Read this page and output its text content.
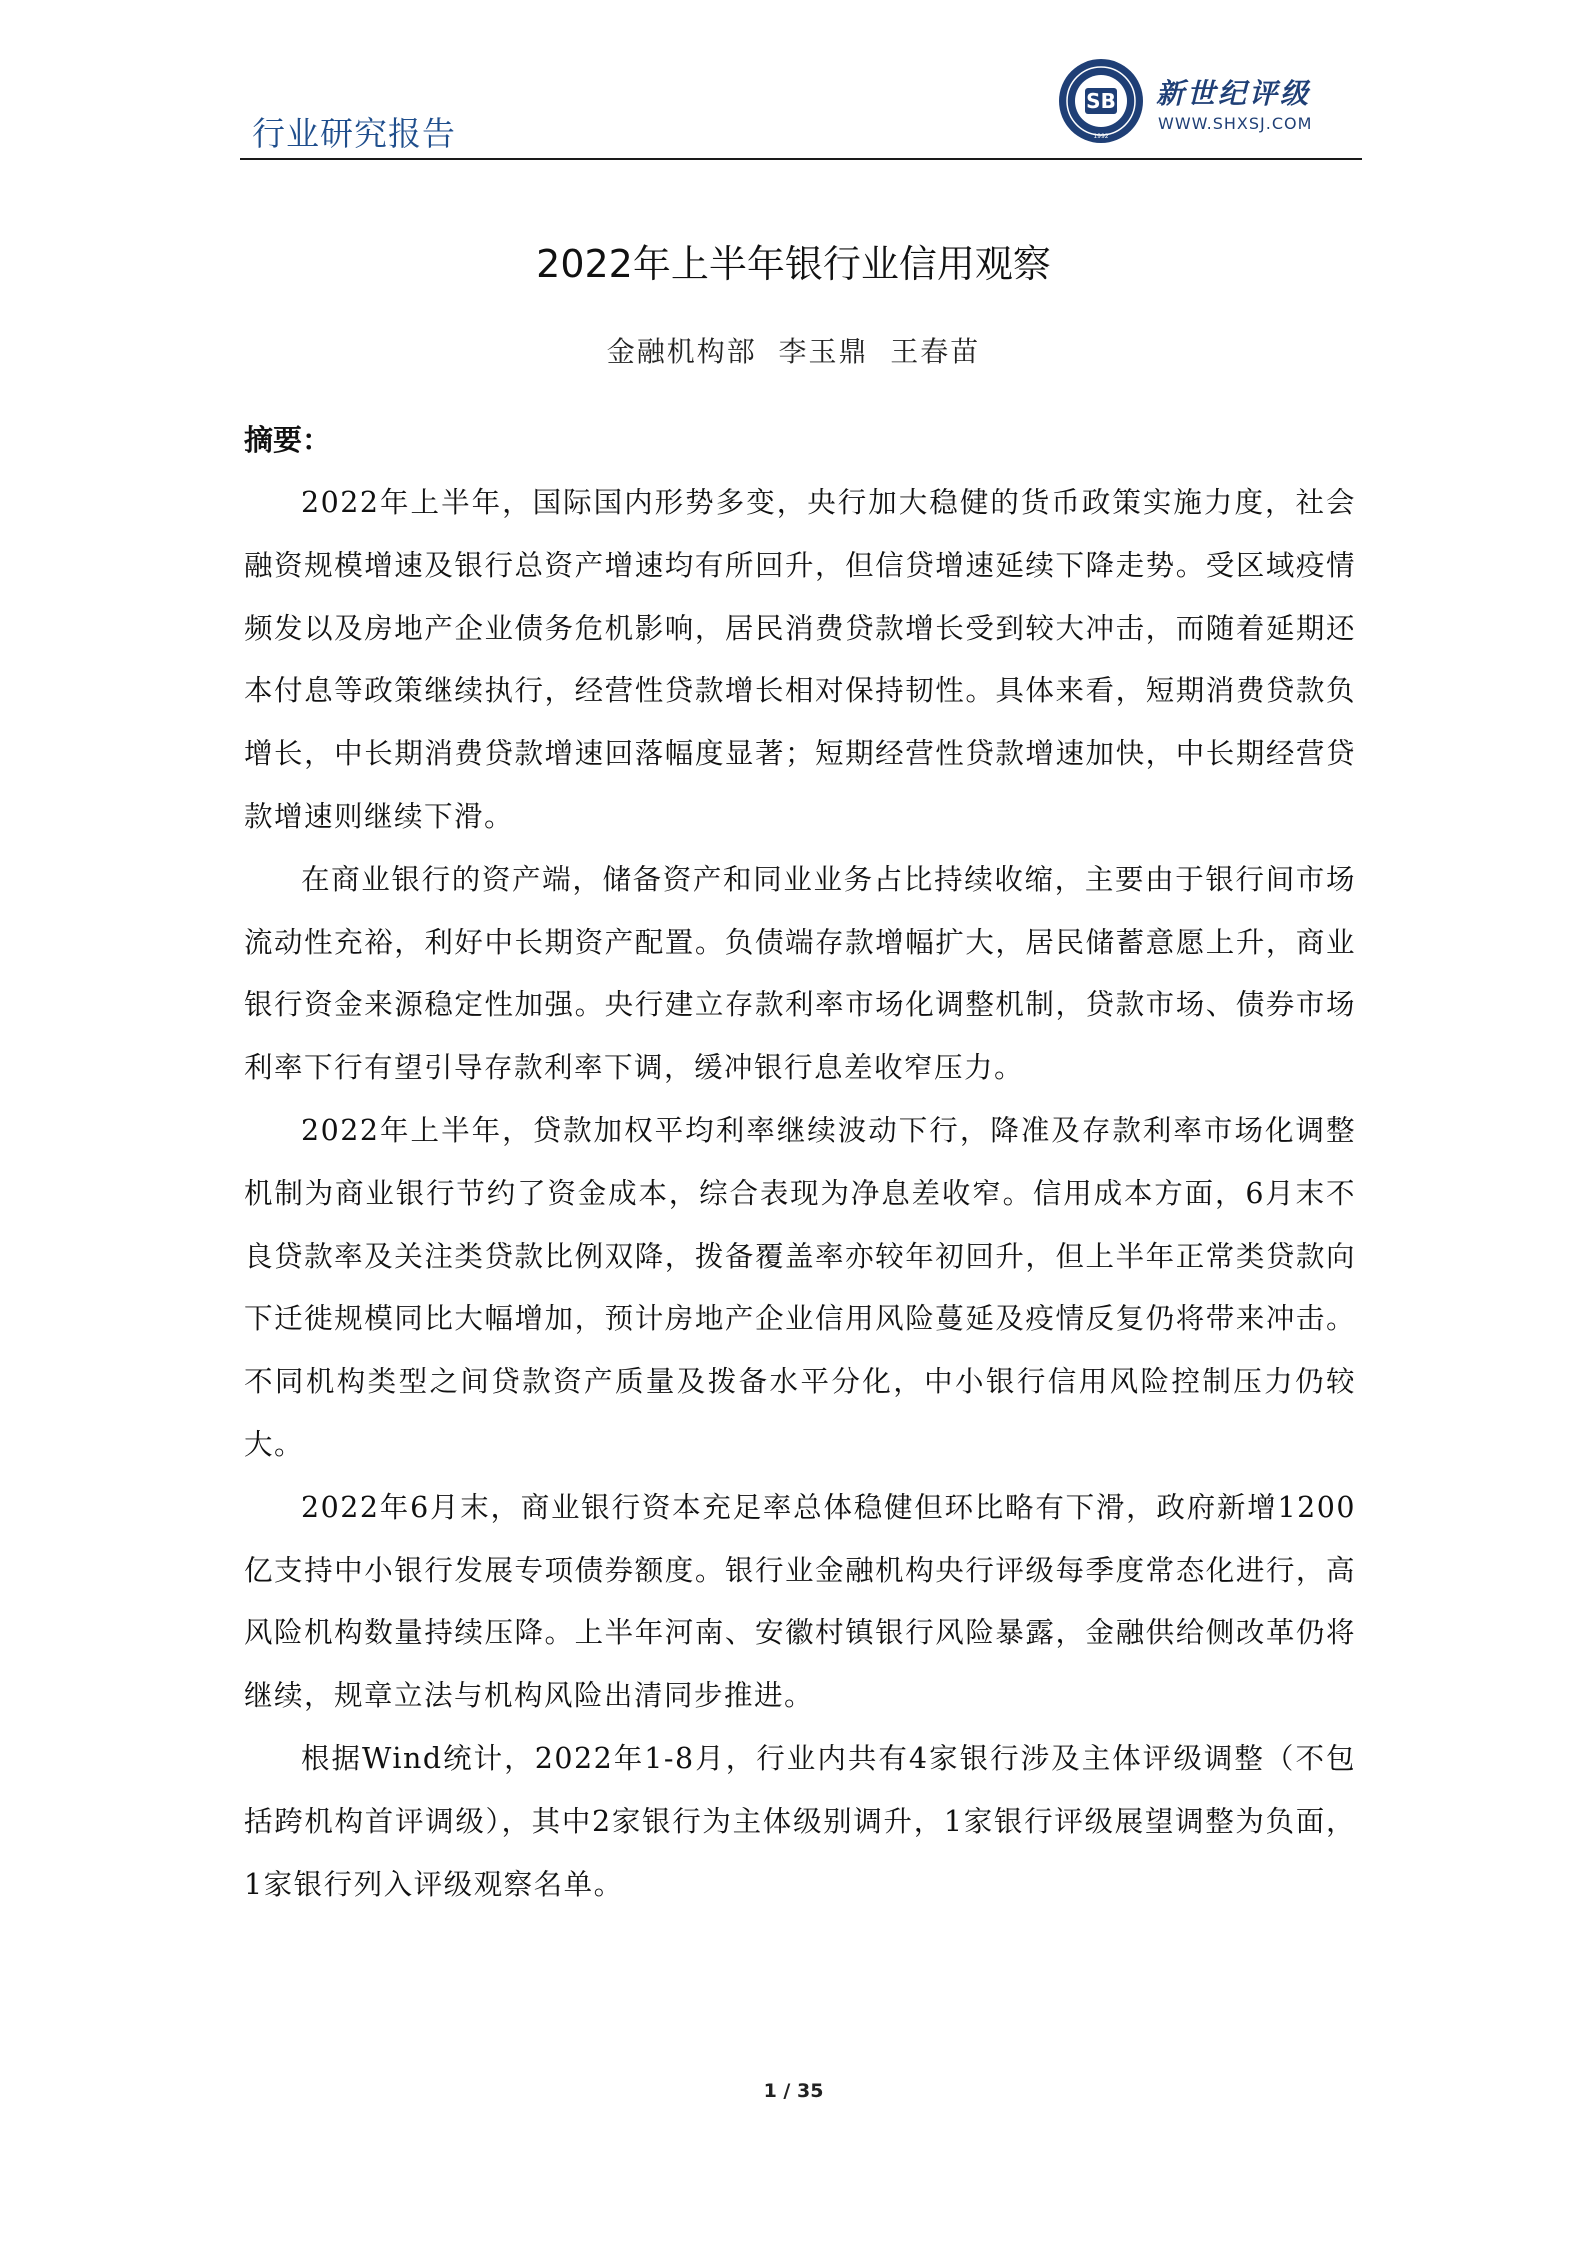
行业研究报告
SB
1992
新世纪评级
WWW.SHXSJ.COM
2022年上半年银行业信用观察
金融机构部  李玉鼎  王春苗
摘要：

2022年上半年，国际国内形势多变，央行加大稳健的货币政策实施力度，社会融资规模增速及银行总资产增速均有所回升，但信贷增速延续下降走势。受区域疫情频发以及房地产企业债务危机影响，居民消费贷款增长受到较大冲击，而随着延期还本付息等政策继续执行，经营性贷款增长相对保持韧性。具体来看，短期消费贷款负增长，中长期消费贷款增速回落幅度显著；短期经营性贷款增速加快，中长期经营贷款增速则继续下滑。

在商业银行的资产端，储备资产和同业业务占比持续收缩，主要由于银行间市场流动性充裕，利好中长期资产配置。负债端存款增幅扩大，居民储蓄意愿上升，商业银行资金来源稳定性加强。央行建立存款利率市场化调整机制，贷款市场、债券市场利率下行有望引导存款利率下调，缓冲银行息差收窄压力。

2022年上半年，贷款加权平均利率继续波动下行，降准及存款利率市场化调整机制为商业银行节约了资金成本，综合表现为净息差收窄。信用成本方面，6月末不良贷款率及关注类贷款比例双降，拨备覆盖率亦较年初回升，但上半年正常类贷款向下迁徙规模同比大幅增加，预计房地产企业信用风险蔓延及疫情反复仍将带来冲击。不同机构类型之间贷款资产质量及拨备水平分化，中小银行信用风险控制压力仍较大。

2022年6月末，商业银行资本充足率总体稳健但环比略有下滑，政府新增1200亿支持中小银行发展专项债券额度。银行业金融机构央行评级每季度常态化进行，高风险机构数量持续压降。上半年河南、安徽村镇银行风险暴露，金融供给侧改革仍将继续，规章立法与机构风险出清同步推进。

根据Wind统计，2022年1-8月，行业内共有4家银行涉及主体评级调整（不包括跨机构首评调级），其中2家银行为主体级别调升，1家银行评级展望调整为负面，1家银行列入评级观察名单。

1 / 35
